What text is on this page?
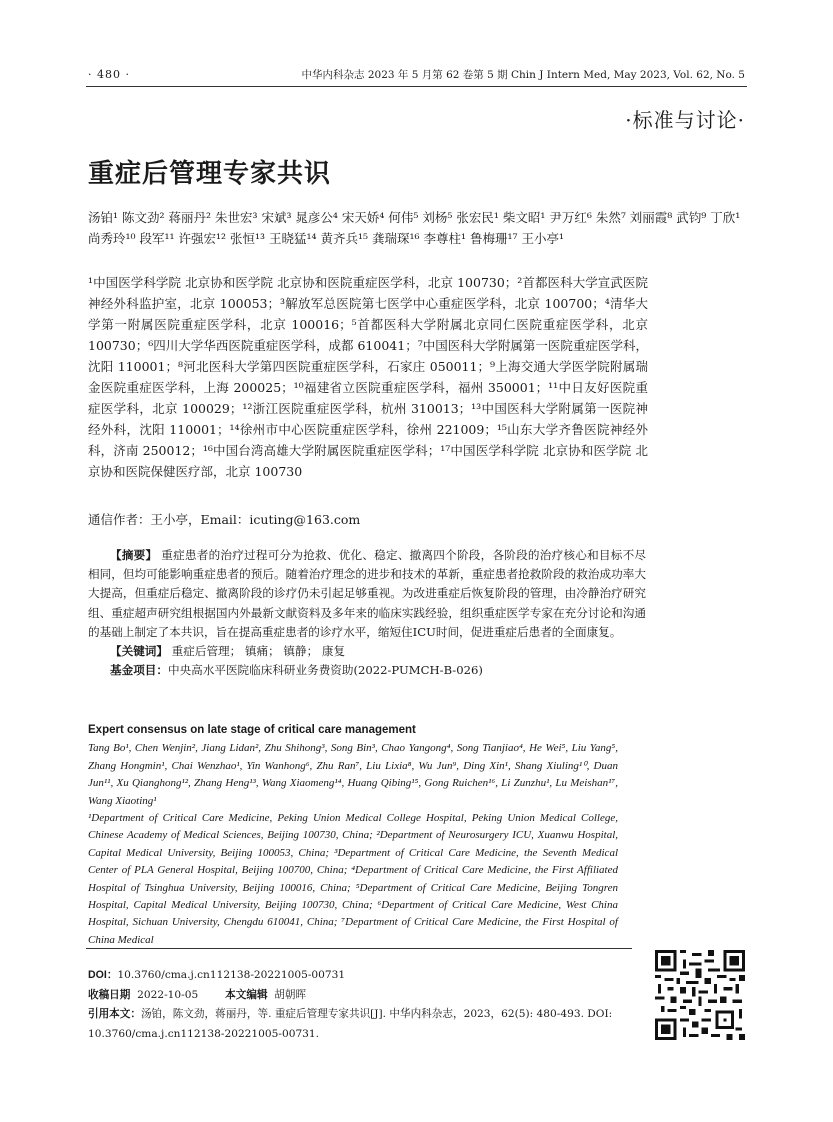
· 480 ·	中华内科杂志 2023 年 5 月第 62 卷第 5 期 Chin J Intern Med, May 2023, Vol. 62, No. 5
·标准与讨论·
重症后管理专家共识
汤铂¹ 陈文劲² 蒋丽丹² 朱世宏³ 宋斌³ 晁彦公⁴ 宋天娇⁴ 何伟⁵ 刘杨⁵ 张宏民¹ 柴文昭¹ 尹万红⁶ 朱然⁷ 刘丽霞⁸ 武钧⁹ 丁欣¹ 尚秀玲¹⁰ 段军¹¹ 许强宏¹² 张恒¹³ 王晓猛¹⁴ 黄齐兵¹⁵ 龚瑞琛¹⁶ 李尊柱¹ 鲁梅珊¹⁷ 王小亭¹
¹中国医学科学院 北京协和医学院 北京协和医院重症医学科，北京 100730；²首都医科大学宣武医院神经外科监护室，北京 100053；³解放军总医院第七医学中心重症医学科，北京 100700；⁴清华大学第一附属医院重症医学科，北京 100016；⁵首都医科大学附属北京同仁医院重症医学科，北京 100730；⁶四川大学华西医院重症医学科，成都 610041；⁷中国医科大学附属第一医院重症医学科，沈阳 110001；⁸河北医科大学第四医院重症医学科，石家庄 050011；⁹上海交通大学医学院附属瑞金医院重症医学科，上海 200025；¹⁰福建省立医院重症医学科，福州 350001；¹¹中日友好医院重症医学科，北京 100029；¹²浙江医院重症医学科，杭州 310013；¹³中国医科大学附属第一医院神经外科，沈阳 110001；¹⁴徐州市中心医院重症医学科，徐州 221009；¹⁵山东大学齐鲁医院神经外科，济南 250012；¹⁶中国台湾高雄大学附属医院重症医学科；¹⁷中国医学科学院 北京协和医学院 北京协和医院保健医疗部，北京 100730
通信作者：王小亭，Email：icuting@163.com
【摘要】 重症患者的治疗过程可分为抢救、优化、稳定、撤离四个阶段，各阶段的治疗核心和目标不尽相同，但均可能影响重症患者的预后。随着治疗理念的进步和技术的革新，重症患者抢救阶段的救治成功率大大提高，但重症后稳定、撤离阶段的诊疗仍未引起足够重视。为改进重症后恢复阶段的管理，由冷静治疗研究组、重症超声研究组根据国内外最新文献资料及多年来的临床实践经验，组织重症医学专家在充分讨论和沟通的基础上制定了本共识，旨在提高重症患者的诊疗水平，缩短住ICU时间，促进重症后患者的全面康复。
【关键词】 重症后管理； 镇痛； 镇静； 康复
基金项目：中央高水平医院临床科研业务费资助(2022-PUMCH-B-026)
Expert consensus on late stage of critical care management
Tang Bo¹, Chen Wenjin², Jiang Lidan², Zhu Shihong³, Song Bin³, Chao Yangong⁴, Song Tianjiao⁴, He Wei⁵, Liu Yang⁵, Zhang Hongmin¹, Chai Wenzhao¹, Yin Wanhong⁶, Zhu Ran⁷, Liu Lixia⁸, Wu Jun⁹, Ding Xin¹, Shang Xiuling¹⁰, Duan Jun¹¹, Xu Qianghong¹², Zhang Heng¹³, Wang Xiaomeng¹⁴, Huang Qibing¹⁵, Gong Ruichen¹⁶, Li Zunzhu¹, Lu Meishan¹⁷, Wang Xiaoting¹
¹Department of Critical Care Medicine, Peking Union Medical College Hospital, Peking Union Medical College, Chinese Academy of Medical Sciences, Beijing 100730, China; ²Department of Neurosurgery ICU, Xuanwu Hospital, Capital Medical University, Beijing 100053, China; ³Department of Critical Care Medicine, the Seventh Medical Center of PLA General Hospital, Beijing 100700, China; ⁴Department of Critical Care Medicine, the First Affiliated Hospital of Tsinghua University, Beijing 100016, China; ⁵Department of Critical Care Medicine, Beijing Tongren Hospital, Capital Medical University, Beijing 100730, China; ⁶Department of Critical Care Medicine, West China Hospital, Sichuan University, Chengdu 610041, China; ⁷Department of Critical Care Medicine, the First Hospital of China Medical
DOI：10.3760/cma.j.cn112138-20221005-00731
收稿日期 2022-10-05	本文编辑 胡朝晖
引用本文：汤铂，陈文劲，蒋丽丹，等. 重症后管理专家共识[J]. 中华内科杂志，2023，62(5): 480-493. DOI: 10.3760/cma.j.cn112138-20221005-00731.
